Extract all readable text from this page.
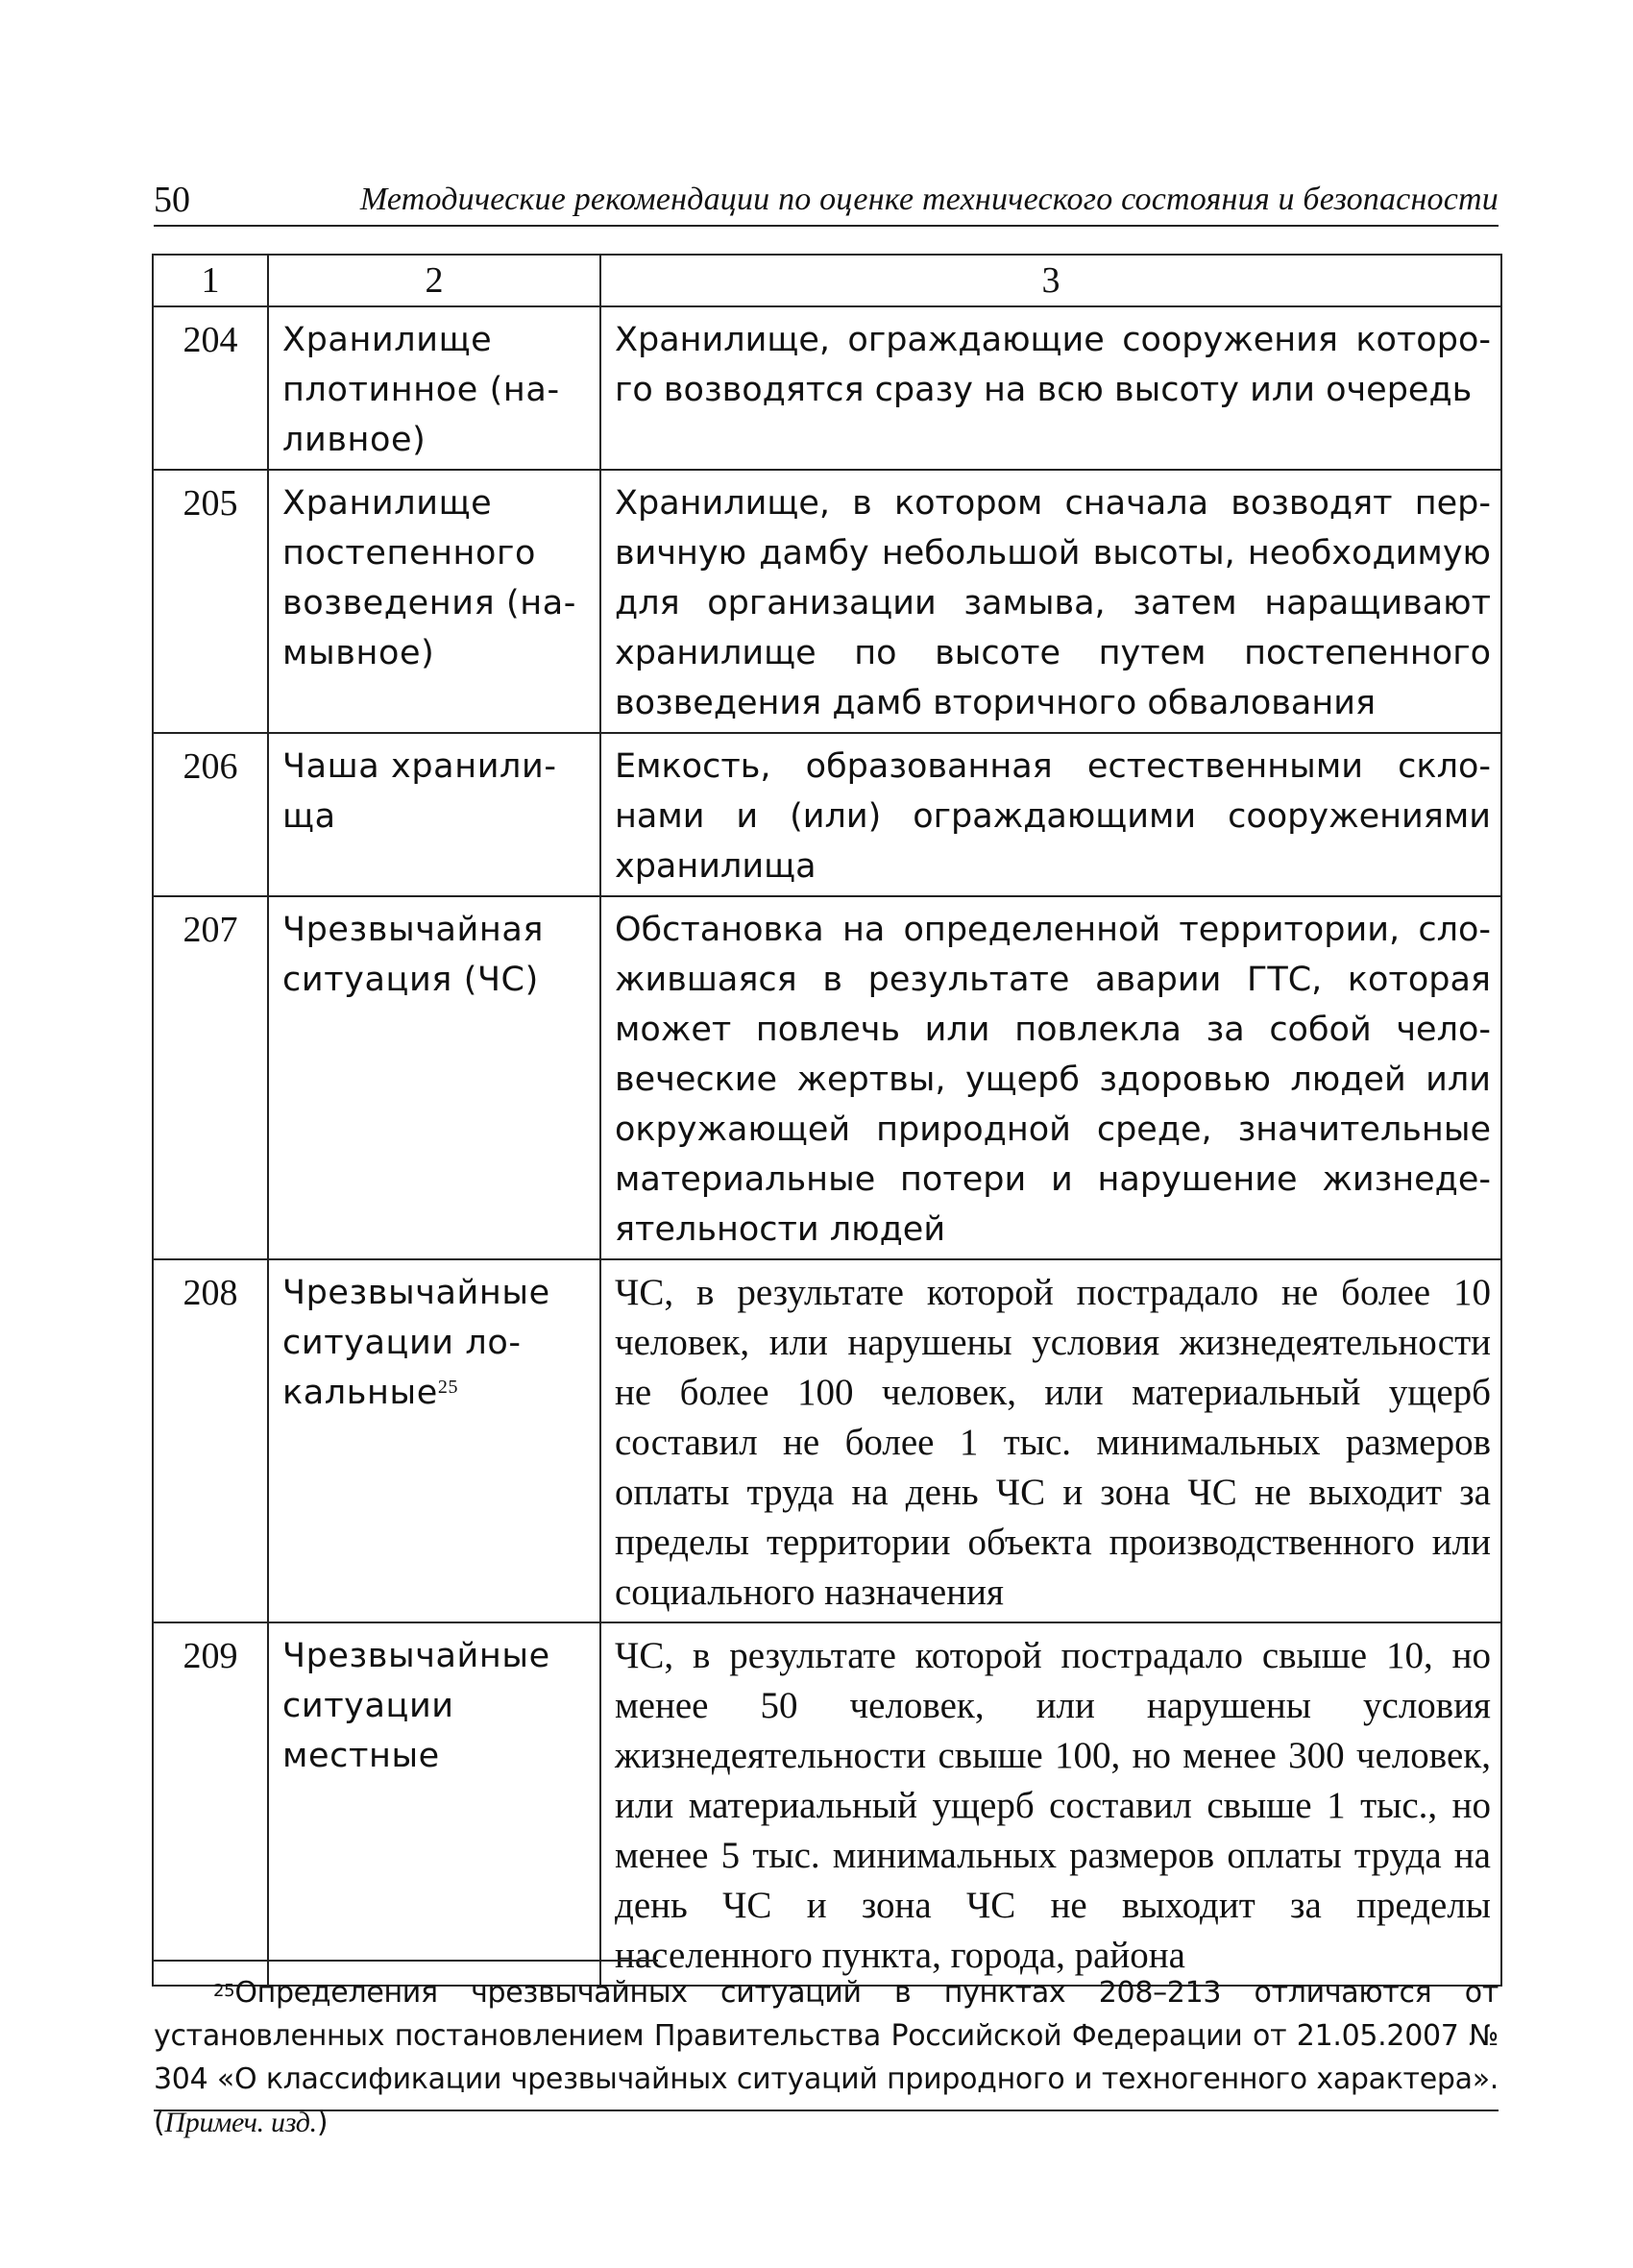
50	Методические рекомендации по оценке технического состояния и безопасности
1	2	3
204	Хранилище плотинное (наливное)	Хранилище, ограждающие сооружения которого возводятся сразу на всю высоту или очередь
205	Хранилище постепенного возведения (намывное)	Хранилище, в котором сначала возводят первичную дамбу небольшой высоты, необходимую для организации замыва, затем наращивают хранилище по высоте путем постепенного возведения дамб вторичного обвалования
206	Чаша хранилища	Емкость, образованная естественными склонами и (или) ограждающими сооружениями хранилища
207	Чрезвычайная ситуация (ЧС)	Обстановка на определенной территории, сложившаяся в результате аварии ГТС, которая может повлечь или повлекла за собой человеческие жертвы, ущерб здоровью людей или окружающей природной среде, значительные материальные потери и нарушение жизнедеятельности людей
208	Чрезвычайные ситуации локальные$^{25}$	ЧС, в результате которой пострадало не более 10 человек, или нарушены условия жизнедеятельности не более 100 человек, или материальный ущерб составил не более 1 тыс. минимальных размеров оплаты труда на день ЧС и зона ЧС не выходит за пределы территории объекта производственного или социального назначения
209	Чрезвычайные ситуации местные	ЧС, в результате которой пострадало свыше 10, но менее 50 человек, или нарушены условия жизнедеятельности свыше 100, но менее 300 человек, или материальный ущерб составил свыше 1 тыс., но менее 5 тыс. минимальных размеров оплаты труда на день ЧС и зона ЧС не выходит за пределы населенного пункта, города, района
$^{25}$Определения чрезвычайных ситуаций в пунктах 208–213 отличаются от установленных постановлением Правительства Российской Федерации от 21.05.2007 № 304 «О классификации чрезвычайных ситуаций природного и техногенного характера». (Примеч. изд.)
